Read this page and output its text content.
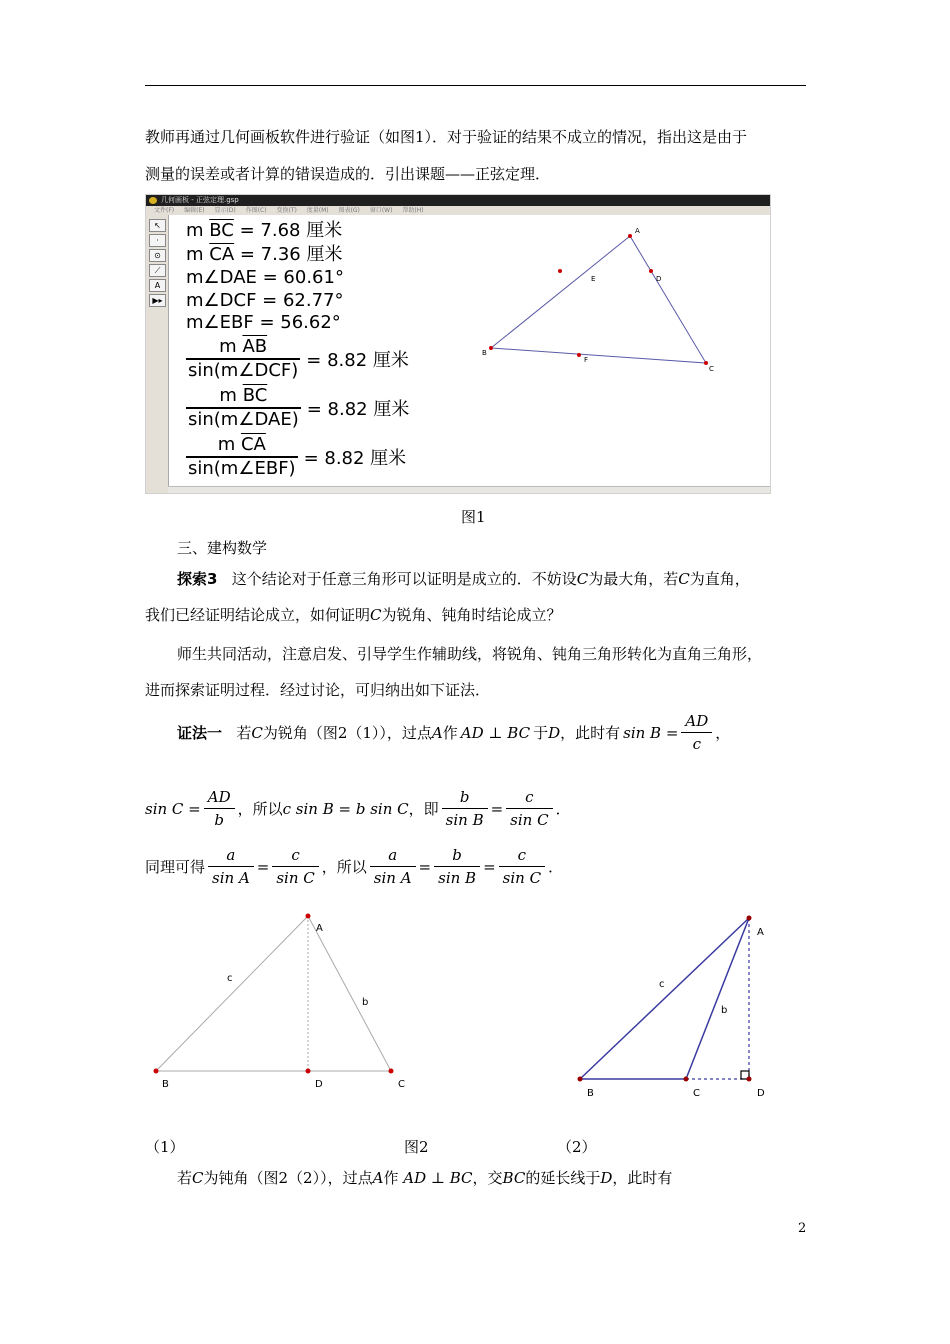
教师再通过几何画板软件进行验证（如图1）．对于验证的结果不成立的情况，指出这是由于
测量的误差或者计算的错误造成的．引出课题——正弦定理．
几何画板 - 正弦定理.gsp
文件(F) 编辑(E) 显示(D) 作图(C) 变换(T) 度量(M) 图表(G) 窗口(W) 帮助(H)
↖
·
⊙
⟋
A
▶▸
m $\overline{BC} = 7.68$ 厘米
m $\overline{CA} = 7.36$ 厘米
m∠DAE = 60.61°
m∠DCF = 62.77°
m∠EBF = 56.62°
m $\overline{AB}$
sin(m∠DCF) = 8.82 厘米
m $\overline{BC}$
sin(m∠DAE) = 8.82 厘米
m $\overline{CA}$
sin(m∠EBF) = 8.82 厘米
A
B
C
E	D
F
图1
三、建构数学
探索3 这个结论对于任意三角形可以证明是成立的．不妨设C为最大角，若C为直角，
我们已经证明结论成立，如何证明C为锐角、钝角时结论成立？
师生共同活动，注意启发、引导学生作辅助线，将锐角、钝角三角形转化为直角三角形，
进而探索证明过程．经过讨论，可归纳出如下证法．
证法一
若 C 为锐角（图2（1）），过点 A 作 AD ⊥ BC 于 D ，此时有 $\sin B = \frac{AD}{c}$ ，
$\sin C = \frac{AD}{b}$ ，所以 c sin B = b sin C ，即 $\frac{b}{\text{sin B}} = \frac{c}{\text{sin C}}$ ．
同理可得 $\frac{a}{\text{sin A}} = \frac{c}{\text{sin C}}$ ，所以 $\frac{a}{\text{sin A}} = \frac{b}{\text{sin B}} = \frac{c}{\text{sin C}}$ ．
A
B	C
D
b
c
A
B	C	D
b
c
（1）	图2	（2）
若C为钝角（图2（2）），过点A作 AD ⊥ BC，交BC的延长线于D，此时有
2
